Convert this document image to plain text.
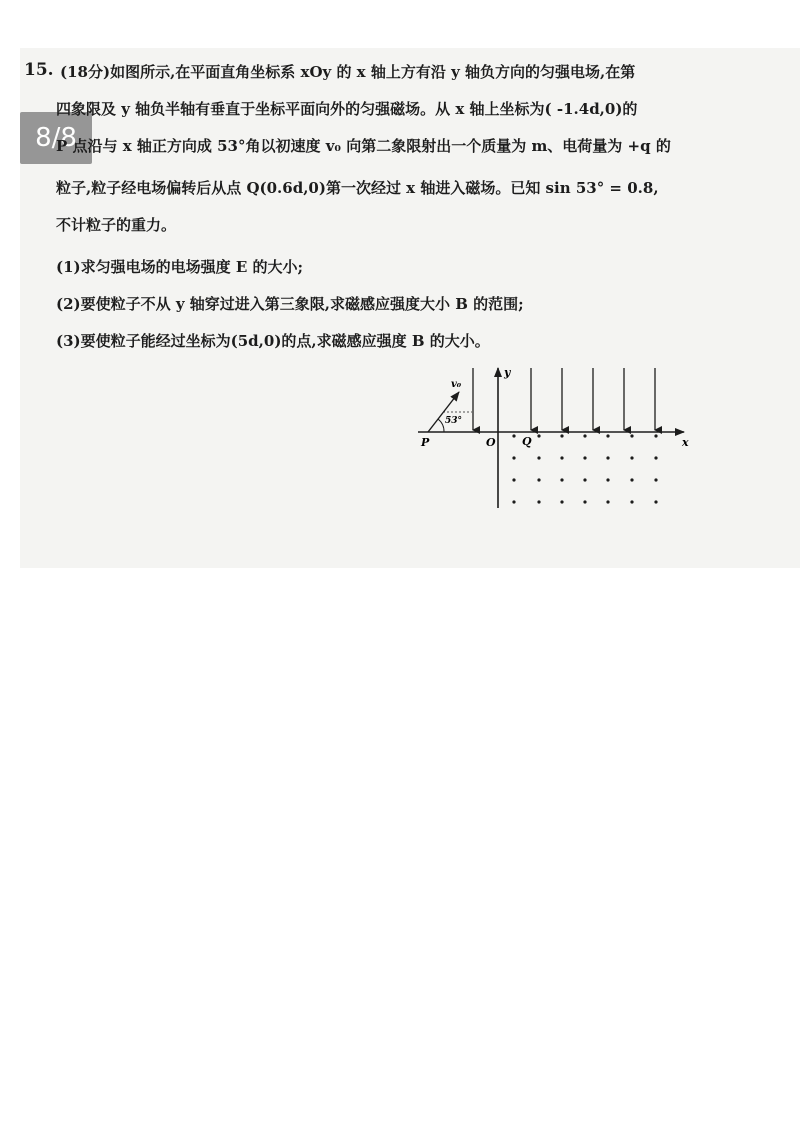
8/8
15. (18分)如图所示,在平面直角坐标系 xOy 的 x 轴上方有沿 y 轴负方向的匀强电场,在第
四象限及 y 轴负半轴有垂直于坐标平面向外的匀强磁场。从 x 轴上坐标为( -1.4d,0)的
P 点沿与 x 轴正方向成 53°角以初速度 v₀ 向第二象限射出一个质量为 m、电荷量为 +q 的
粒子,粒子经电场偏转后从点 Q(0.6d,0)第一次经过 x 轴进入磁场。已知 sin 53° = 0.8,
不计粒子的重力。
(1)求匀强电场的电场强度 E 的大小;
(2)要使粒子不从 y 轴穿过进入第三象限,求磁感应强度大小 B 的范围;
(3)要使粒子能经过坐标为(5d,0)的点,求磁感应强度 B 的大小。
y
x
O
P	Q
v₀
53°
